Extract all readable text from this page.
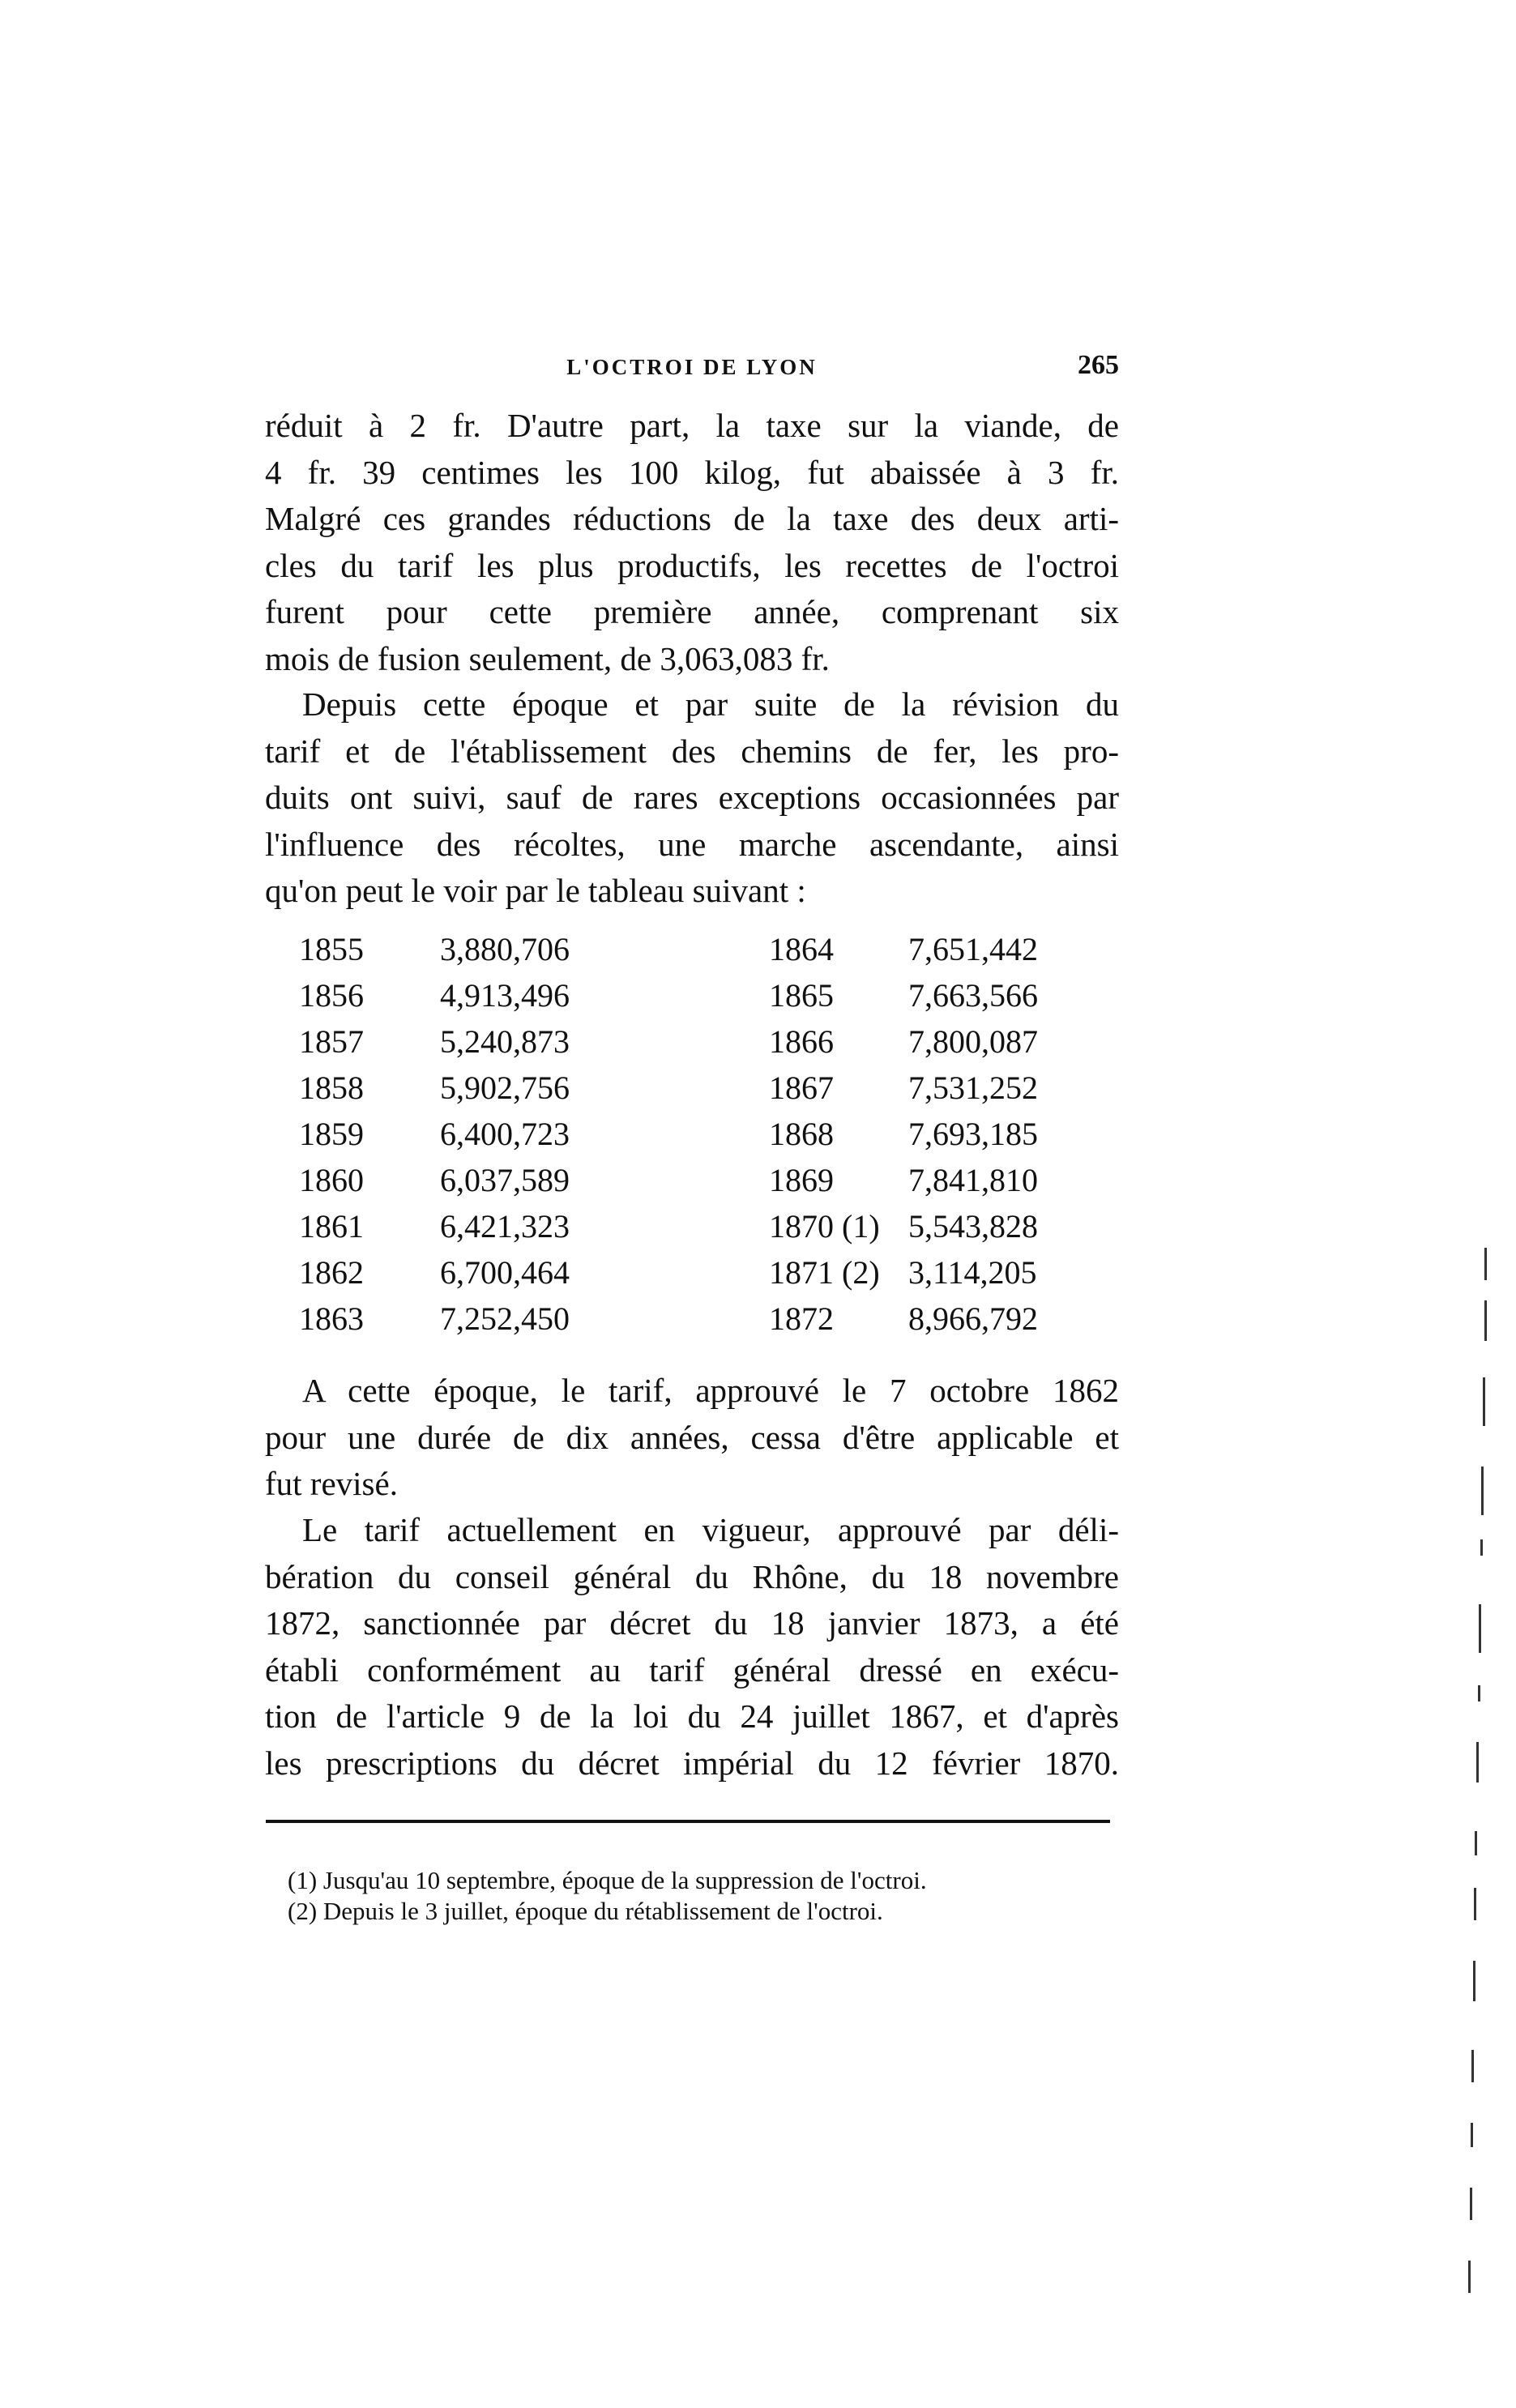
L'OCTROI DE LYON	265
réduit à 2 fr. D'autre part, la taxe sur la viande, de
4 fr. 39 centimes les 100 kilog, fut abaissée à 3 fr.
Malgré ces grandes réductions de la taxe des deux arti-
cles du tarif les plus productifs, les recettes de l'octroi
furent pour cette première année, comprenant six
mois de fusion seulement, de 3,063,083 fr.
Depuis cette époque et par suite de la révision du
tarif et de l'établissement des chemins de fer, les pro-
duits ont suivi, sauf de rares exceptions occasionnées par
l'influence des récoltes, une marche ascendante, ainsi
qu'on peut le voir par le tableau suivant :
1855 3,880,706	1864 7,651,442
1856 4,913,496	1865 7,663,566
1857 5,240,873	1866 7,800,087
1858 5,902,756	1867 7,531,252
1859 6,400,723	1868 7,693,185
1860 6,037,589	1869 7,841,810
1861 6,421,323	1870 (1) 5,543,828
1862 6,700,464	1871 (2) 3,114,205
1863 7,252,450	1872 8,966,792
A cette époque, le tarif, approuvé le 7 octobre 1862
pour une durée de dix années, cessa d'être applicable et
fut revisé.
Le tarif actuellement en vigueur, approuvé par déli-
bération du conseil général du Rhône, du 18 novembre
1872, sanctionnée par décret du 18 janvier 1873, a été
établi conformément au tarif général dressé en exécu-
tion de l'article 9 de la loi du 24 juillet 1867, et d'après
les prescriptions du décret impérial du 12 février 1870.
(1) Jusqu'au 10 septembre, époque de la suppression de l'octroi.
(2) Depuis le 3 juillet, époque du rétablissement de l'octroi.
